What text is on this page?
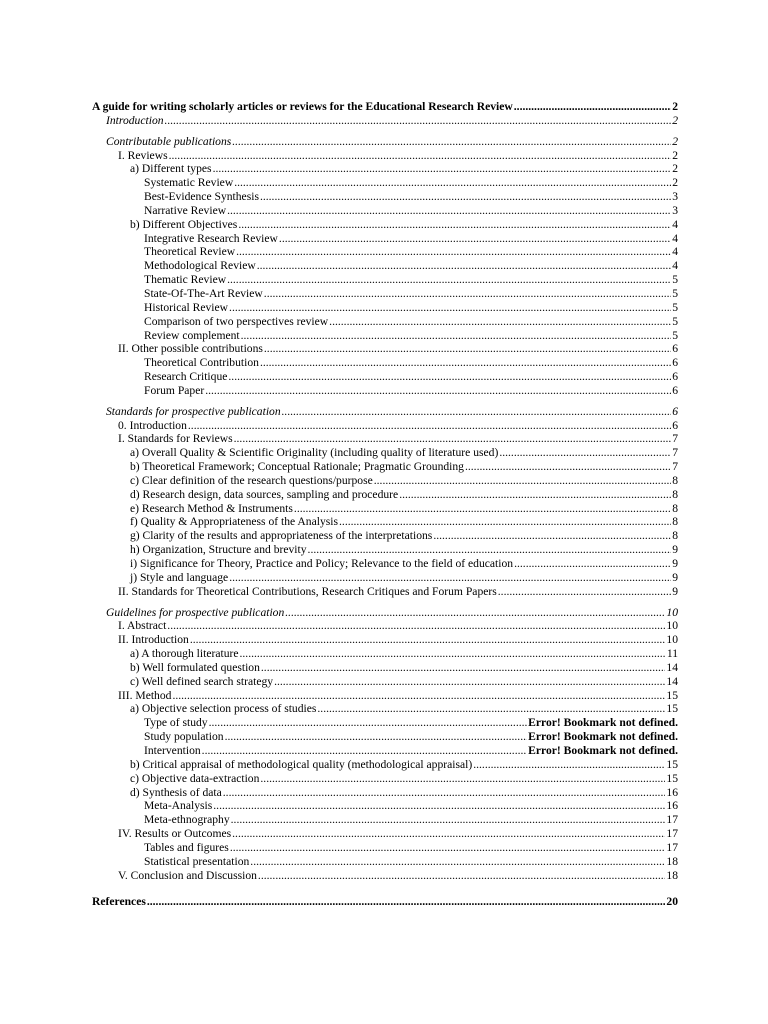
A guide for writing scholarly articles or reviews for the Educational Research Review .....	2
Introduction .....	2
Contributable publications .....	2
I. Reviews .....	2
a) Different types .....	2
Systematic Review .....	2
Best-Evidence Synthesis .....	3
Narrative Review .....	3
b) Different Objectives .....	4
Integrative Research Review .....	4
Theoretical Review .....	4
Methodological Review .....	4
Thematic Review .....	5
State-Of-The-Art Review .....	5
Historical Review .....	5
Comparison of two perspectives review .....	5
Review complement .....	5
II. Other possible contributions .....	6
Theoretical Contribution .....	6
Research Critique .....	6
Forum Paper .....	6
Standards for prospective publication .....	6
0. Introduction .....	6
I. Standards for Reviews .....	7
a) Overall Quality & Scientific Originality (including quality of literature used) .....	7
b) Theoretical Framework; Conceptual Rationale; Pragmatic Grounding .....	7
c) Clear definition of the research questions/purpose .....	8
d) Research design, data sources, sampling and procedure .....	8
e) Research Method & Instruments .....	8
f) Quality & Appropriateness of the Analysis .....	8
g) Clarity of the results and appropriateness of the interpretations .....	8
h) Organization, Structure and brevity .....	9
i) Significance for Theory, Practice and Policy; Relevance to the field of education .....	9
j) Style and language .....	9
II. Standards for Theoretical Contributions, Research Critiques and Forum Papers .....	9
Guidelines for prospective publication .....	10
I. Abstract .....	10
II. Introduction .....	10
a) A thorough literature .....	11
b) Well formulated question .....	14
c) Well defined search strategy .....	14
III. Method .....	15
a) Objective selection process of studies .....	15
Type of study .....	Error! Bookmark not defined.
Study population .....	Error! Bookmark not defined.
Intervention .....	Error! Bookmark not defined.
b) Critical appraisal of methodological quality (methodological appraisal) .....	15
c) Objective data-extraction .....	15
d) Synthesis of data .....	16
Meta-Analysis .....	16
Meta-ethnography .....	17
IV. Results or Outcomes .....	17
Tables and figures .....	17
Statistical presentation .....	18
V. Conclusion and Discussion .....	18
References .....	20
